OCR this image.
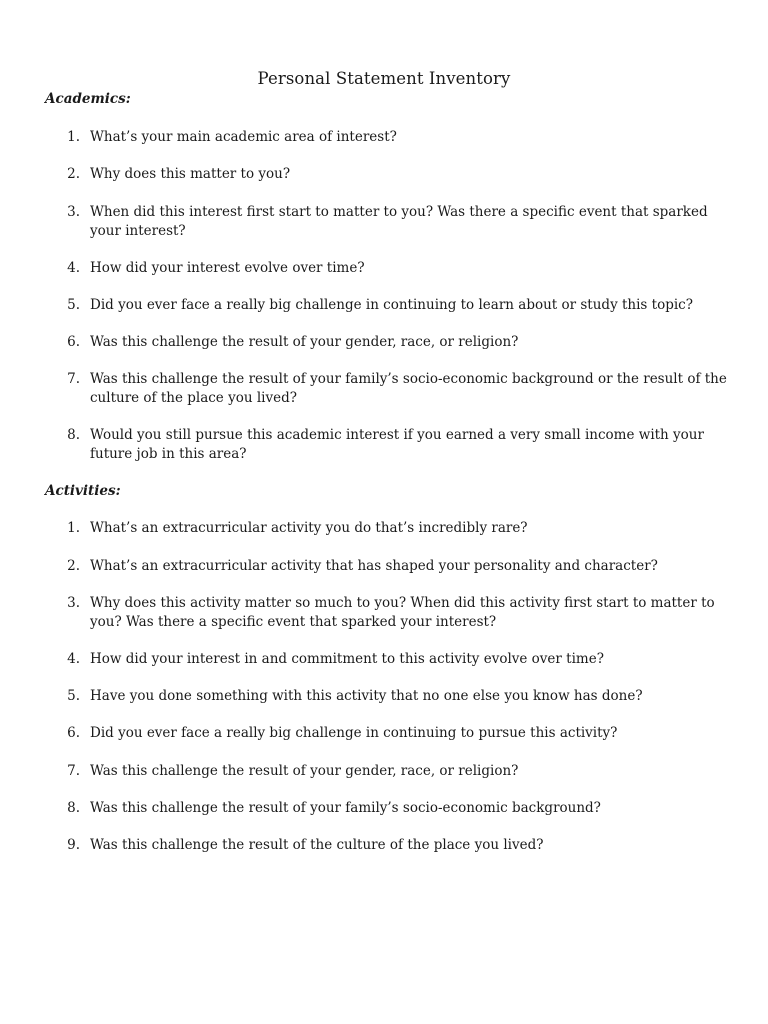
Personal Statement Inventory
Academics:
1. What’s your main academic area of interest?
2. Why does this matter to you?
3. When did this interest first start to matter to you? Was there a specific event that sparked your interest?
4. How did your interest evolve over time?
5. Did you ever face a really big challenge in continuing to learn about or study this topic?
6. Was this challenge the result of your gender, race, or religion?
7. Was this challenge the result of your family’s socio-economic background or the result of the culture of the place you lived?
8. Would you still pursue this academic interest if you earned a very small income with your future job in this area?
Activities:
1. What’s an extracurricular activity you do that’s incredibly rare?
2. What’s an extracurricular activity that has shaped your personality and character?
3. Why does this activity matter so much to you? When did this activity first start to matter to you? Was there a specific event that sparked your interest?
4. How did your interest in and commitment to this activity evolve over time?
5. Have you done something with this activity that no one else you know has done?
6. Did you ever face a really big challenge in continuing to pursue this activity?
7. Was this challenge the result of your gender, race, or religion?
8. Was this challenge the result of your family’s socio-economic background?
9. Was this challenge the result of the culture of the place you lived?
